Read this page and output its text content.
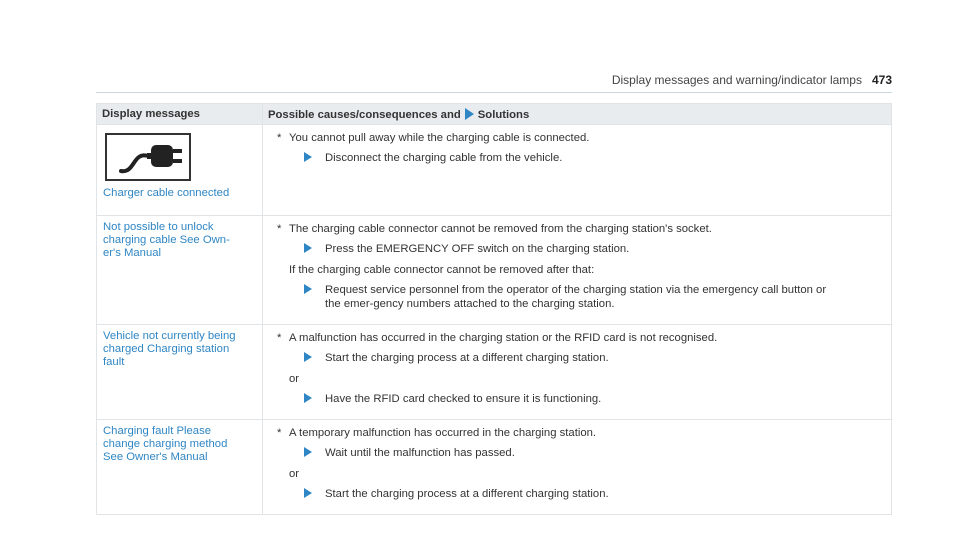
Display messages and warning/indicator lamps 473
Display messages	Possible causes/consequences and Solutions

Charger cable connected	* You cannot pull away while the charging cable is connected.
Disconnect the charging cable from the vehicle.

Not possible to unlock charging cable See Own-er's Manual	* The charging cable connector cannot be removed from the charging station's socket.
Press the EMERGENCY OFF switch on the charging station.
If the charging cable connector cannot be removed after that:
Request service personnel from the operator of the charging station via the emergency call button or the emer-gency numbers attached to the charging station.

Vehicle not currently being charged Charging station fault	* A malfunction has occurred in the charging station or the RFID card is not recognised.
Start the charging process at a different charging station.
or
Have the RFID card checked to ensure it is functioning.

Charging fault Please change charging method See Owner's Manual	* A temporary malfunction has occurred in the charging station.
Wait until the malfunction has passed.
or
Start the charging process at a different charging station.
